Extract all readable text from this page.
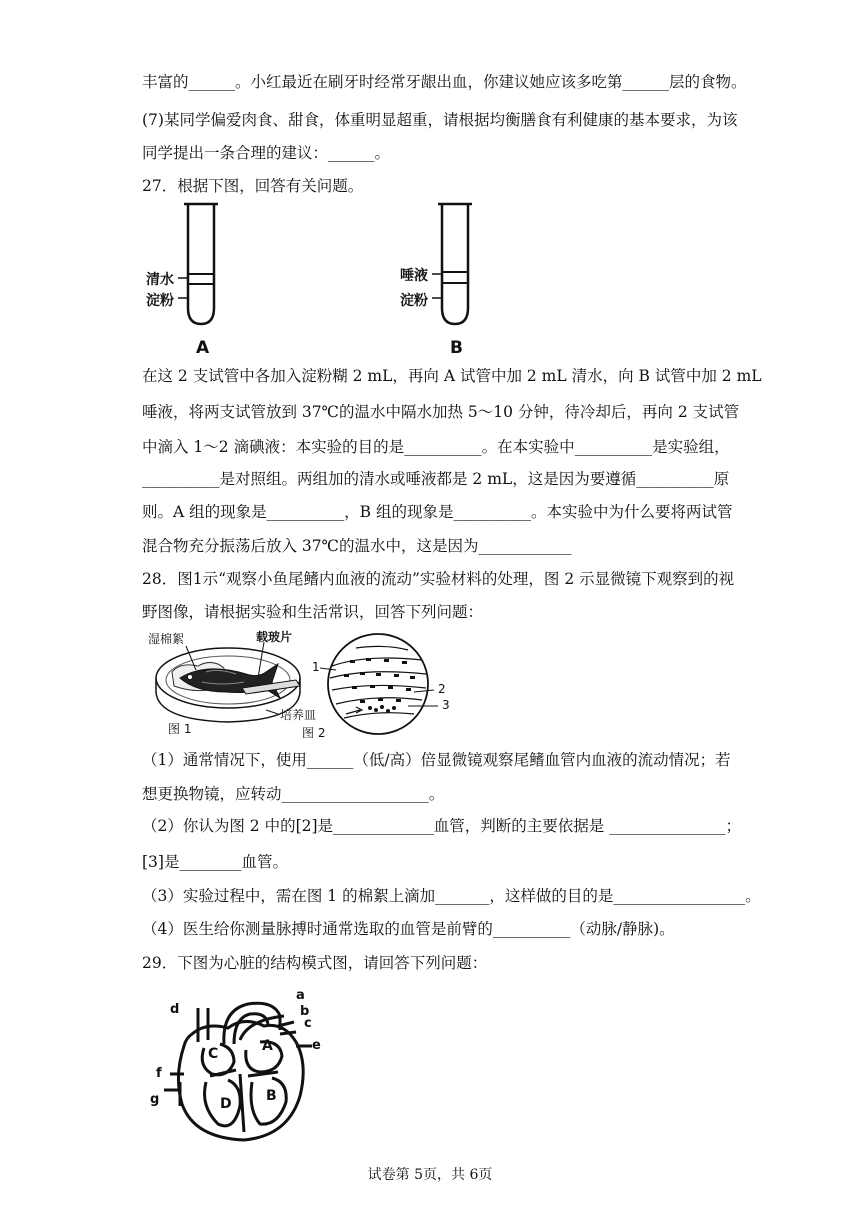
丰富的______。小红最近在刷牙时经常牙龈出血，你建议她应该多吃第______层的食物。
(7)某同学偏爱肉食、甜食，体重明显超重，请根据均衡膳食有利健康的基本要求，为该
同学提出一条合理的建议：______。
27．根据下图，回答有关问题。
清水
淀粉
A
唾液
淀粉
B
在这 2 支试管中各加入淀粉糊 2 mL，再向 A 试管中加 2 mL 清水，向 B 试管中加 2 mL
唾液，将两支试管放到 37℃的温水中隔水加热 5～10 分钟，待冷却后，再向 2 支试管
中滴入 1～2 滴碘液：本实验的目的是__________。在本实验中__________是实验组，
__________是对照组。两组加的清水或唾液都是 2 mL，这是因为要遵循__________原
则。A 组的现象是__________，B 组的现象是__________。本实验中为什么要将两试管
混合物充分振荡后放入 37℃的温水中，这是因为____________
28．图1示“观察小鱼尾鳍内血液的流动”实验材料的处理，图 2 示显微镜下观察到的视
野图像，请根据实验和生活常识，回答下列问题：
湿棉絮	载玻片
培养皿
图 1	图 2
1
2
3
（1）通常情况下，使用______（低/高）倍显微镜观察尾鳍血管内血液的流动情况；若
想更换物镜，应转动___________________。
（2）你认为图 2 中的[2]是_____________血管，判断的主要依据是 _______________；
[3]是________血管。
（3）实验过程中，需在图 1 的棉絮上滴加_______，这样做的目的是_________________。
（4）医生给你测量脉搏时通常选取的血管是前臂的__________（动脉/静脉)。
29．下图为心脏的结构模式图，请回答下列问题：
a
b
c
d
e
f
g
A
B
C
D
试卷第 5页，共 6页
